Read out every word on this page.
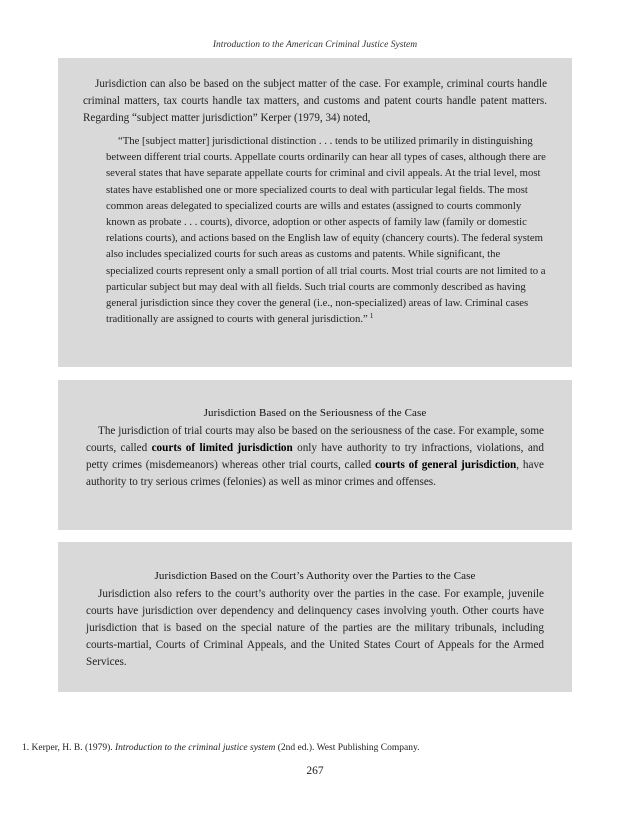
Introduction to the American Criminal Justice System

Jurisdiction can also be based on the subject matter of the case. For example, criminal courts handle criminal matters, tax courts handle tax matters, and customs and patent courts handle patent matters. Regarding “subject matter jurisdiction” Kerper (1979, 34) noted,

“The [subject matter] jurisdictional distinction . . . tends to be utilized primarily in distinguishing between different trial courts. Appellate courts ordinarily can hear all types of cases, although there are several states that have separate appellate courts for criminal and civil appeals. At the trial level, most states have established one or more specialized courts to deal with particular legal fields. The most common areas delegated to specialized courts are wills and estates (assigned to courts commonly known as probate . . . courts), divorce, adoption or other aspects of family law (family or domestic relations courts), and actions based on the English law of equity (chancery courts). The federal system also includes specialized courts for such areas as customs and patents. While significant, the specialized courts represent only a small portion of all trial courts. Most trial courts are not limited to a particular subject but may deal with all fields. Such trial courts are commonly described as having general jurisdiction since they cover the general (i.e., non-specialized) areas of law. Criminal cases traditionally are assigned to courts with general jurisdiction.” $^1$

Jurisdiction Based on the Seriousness of the Case

The jurisdiction of trial courts may also be based on the seriousness of the case. For example, some courts, called courts of limited jurisdiction only have authority to try infractions, violations, and petty crimes (misdemeanors) whereas other trial courts, called courts of general jurisdiction, have authority to try serious crimes (felonies) as well as minor crimes and offenses.

Jurisdiction Based on the Court’s Authority over the Parties to the Case

Jurisdiction also refers to the court’s authority over the parties in the case. For example, juvenile courts have jurisdiction over dependency and delinquency cases involving youth. Other courts have jurisdiction that is based on the special nature of the parties are the military tribunals, including courts-martial, Courts of Criminal Appeals, and the United States Court of Appeals for the Armed Services.

1. Kerper, H. B. (1979). Introduction to the criminal justice system (2nd ed.). West Publishing Company.
267
